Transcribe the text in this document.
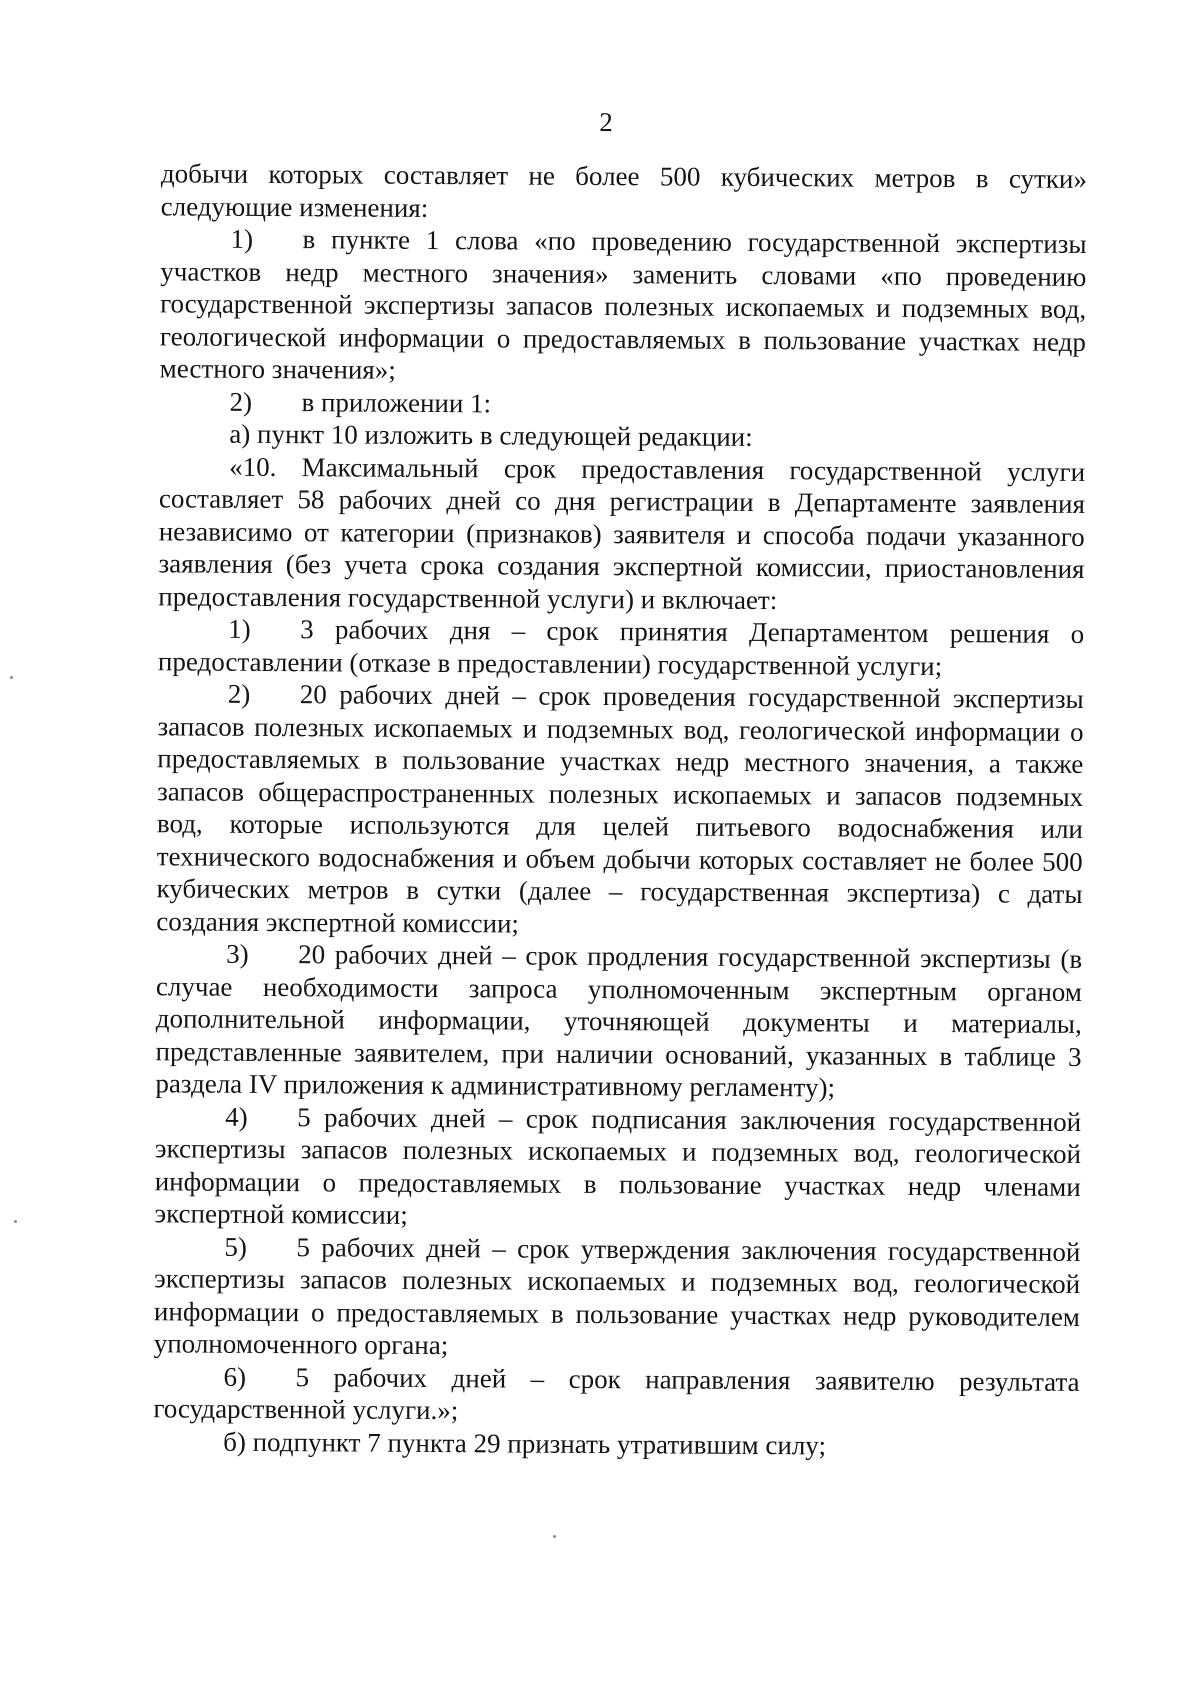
2

добычи которых составляет не более 500 кубических метров в сутки» следующие изменения:

1) в пункте 1 слова «по проведению государственной экспертизы участков недр местного значения» заменить словами «по проведению государственной экспертизы запасов полезных ископаемых и подземных вод, геологической информации о предоставляемых в пользование участках недр местного значения»;

2) в приложении 1:

а) пункт 10 изложить в следующей редакции:

«10. Максимальный срок предоставления государственной услуги составляет 58 рабочих дней со дня регистрации в Департаменте заявления независимо от категории (признаков) заявителя и способа подачи указанного заявления (без учета срока создания экспертной комиссии, приостановления предоставления государственной услуги) и включает:

1) 3 рабочих дня – срок принятия Департаментом решения о предоставлении (отказе в предоставлении) государственной услуги;

2) 20 рабочих дней – срок проведения государственной экспертизы запасов полезных ископаемых и подземных вод, геологической информации о предоставляемых в пользование участках недр местного значения, а также запасов общераспространенных полезных ископаемых и запасов подземных вод, которые используются для целей питьевого водоснабжения или технического водоснабжения и объем добычи которых составляет не более 500 кубических метров в сутки (далее – государственная экспертиза) с даты создания экспертной комиссии;

3) 20 рабочих дней – срок продления государственной экспертизы (в случае необходимости запроса уполномоченным экспертным органом дополнительной информации, уточняющей документы и материалы, представленные заявителем, при наличии оснований, указанных в таблице 3 раздела IV приложения к административному регламенту);

4) 5 рабочих дней – срок подписания заключения государственной экспертизы запасов полезных ископаемых и подземных вод, геологической информации о предоставляемых в пользование участках недр членами экспертной комиссии;

5) 5 рабочих дней – срок утверждения заключения государственной экспертизы запасов полезных ископаемых и подземных вод, геологической информации о предоставляемых в пользование участках недр руководителем уполномоченного органа;

6) 5 рабочих дней – срок направления заявителю результата государственной услуги.»;

б) подпункт 7 пункта 29 признать утратившим силу;
